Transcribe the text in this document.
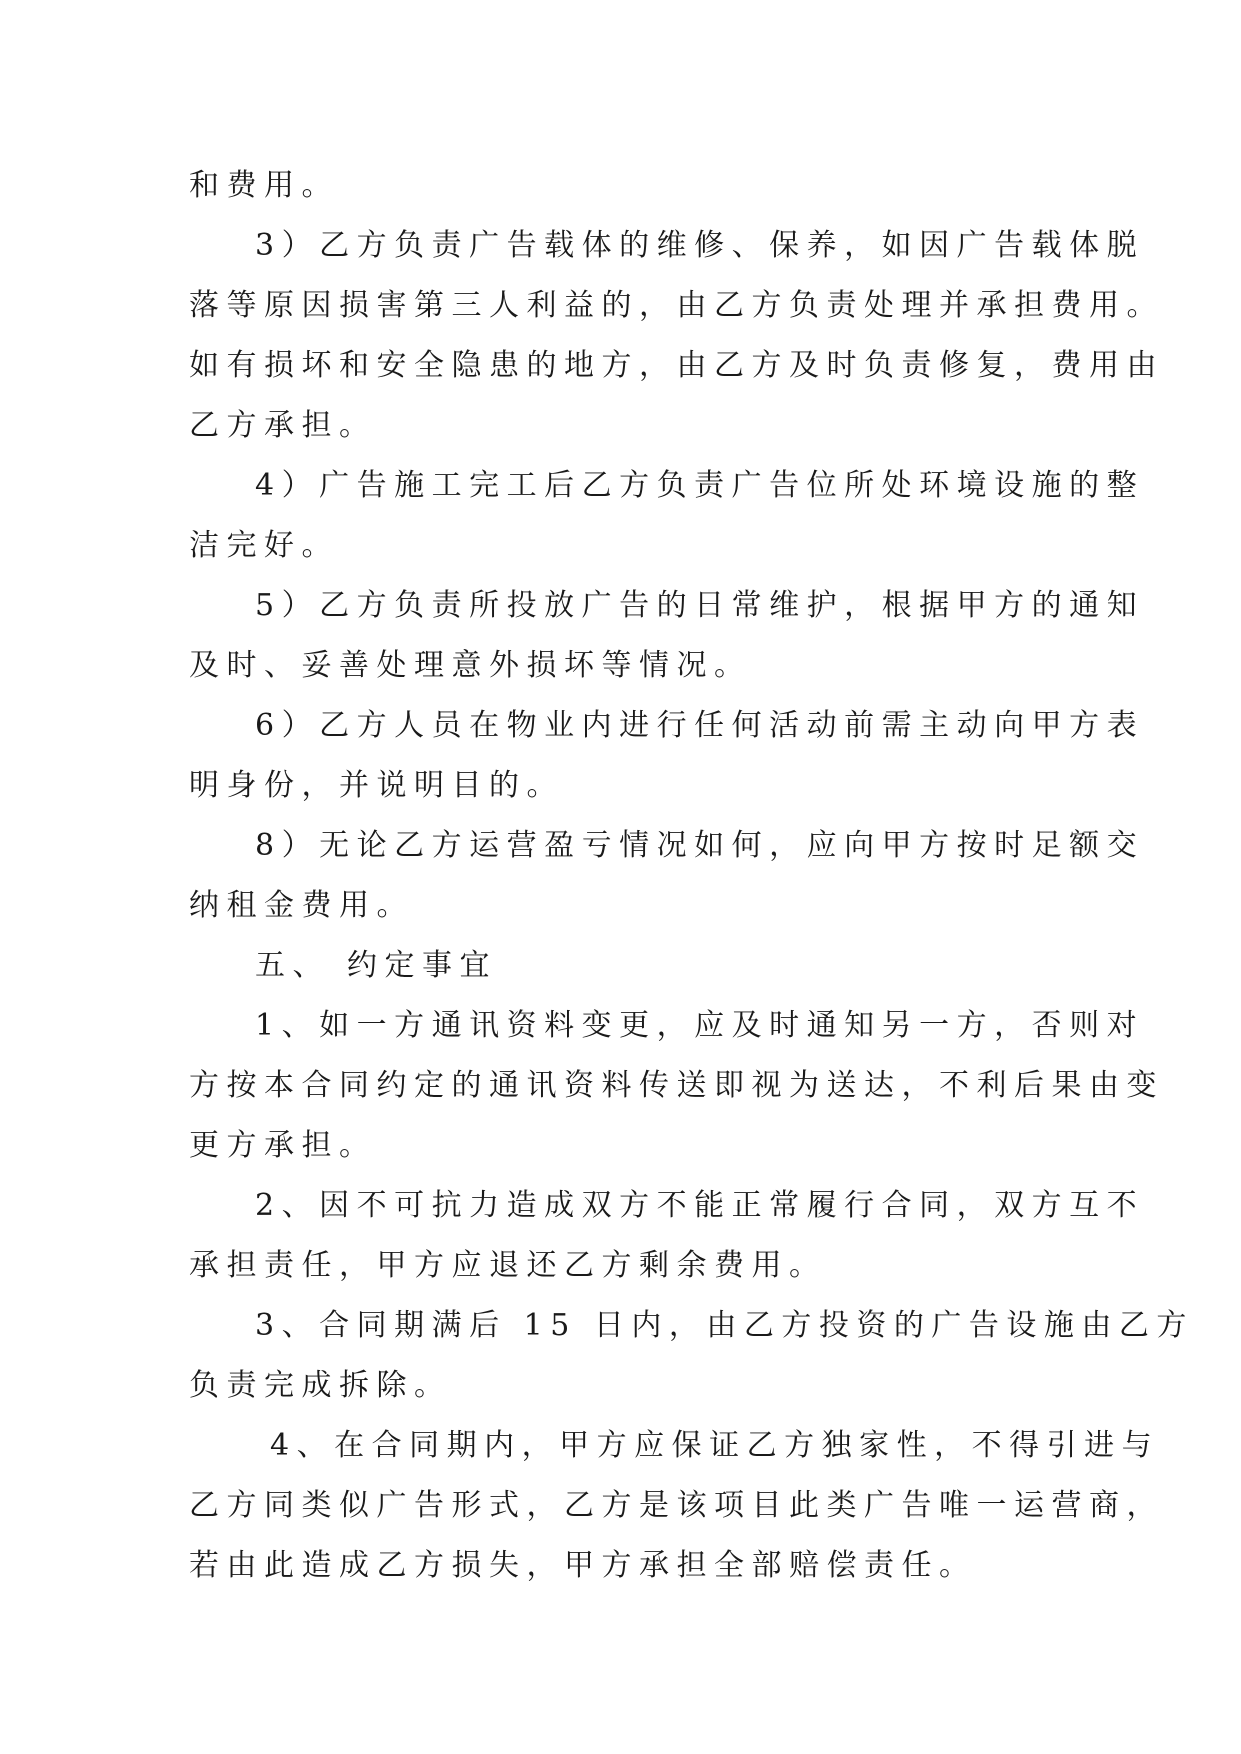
和费用。
3）乙方负责广告载体的维修、保养，如因广告载体脱
落等原因损害第三人利益的，由乙方负责处理并承担费用。
如有损坏和安全隐患的地方，由乙方及时负责修复，费用由
乙方承担。
4）广告施工完工后乙方负责广告位所处环境设施的整
洁完好。
5）乙方负责所投放广告的日常维护，根据甲方的通知
及时、妥善处理意外损坏等情况。
6）乙方人员在物业内进行任何活动前需主动向甲方表
明身份，并说明目的。
8）无论乙方运营盈亏情况如何，应向甲方按时足额交
纳租金费用。
五、 约定事宜
1、如一方通讯资料变更，应及时通知另一方，否则对
方按本合同约定的通讯资料传送即视为送达，不利后果由变
更方承担。
2、因不可抗力造成双方不能正常履行合同，双方互不
承担责任，甲方应退还乙方剩余费用。
3、合同期满后 15 日内，由乙方投资的广告设施由乙方
负责完成拆除。
4、在合同期内，甲方应保证乙方独家性，不得引进与
乙方同类似广告形式，乙方是该项目此类广告唯一运营商，
若由此造成乙方损失，甲方承担全部赔偿责任。
